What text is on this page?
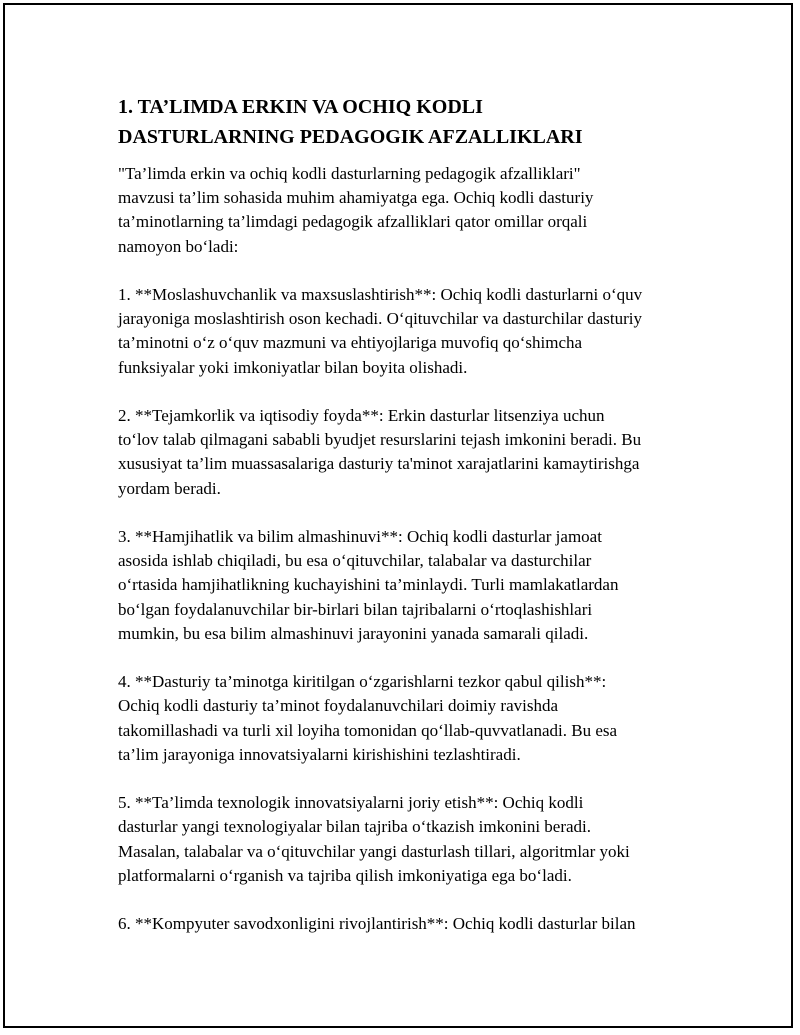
1. TA’LIMDA ERKIN VA OCHIQ KODLI
DASTURLARNING PEDAGOGIK AFZALLIKLARI

"Ta’limda erkin va ochiq kodli dasturlarning pedagogik afzalliklari"
mavzusi ta’lim sohasida muhim ahamiyatga ega. Ochiq kodli dasturiy
ta’minotlarning ta’limdagi pedagogik afzalliklari qator omillar orqali
namoyon boʻladi:

1. **Moslashuvchanlik va maxsuslashtirish**: Ochiq kodli dasturlarni oʻquv
jarayoniga moslashtirish oson kechadi. Oʻqituvchilar va dasturchilar dasturiy
ta’minotni oʻz oʻquv mazmuni va ehtiyojlariga muvofiq qoʻshimcha
funksiyalar yoki imkoniyatlar bilan boyita olishadi.

2. **Tejamkorlik va iqtisodiy foyda**: Erkin dasturlar litsenziya uchun
toʻlov talab qilmagani sababli byudjet resurslarini tejash imkonini beradi. Bu
xususiyat ta’lim muassasalariga dasturiy ta'minot xarajatlarini kamaytirishga
yordam beradi.

3. **Hamjihatlik va bilim almashinuvi**: Ochiq kodli dasturlar jamoat
asosida ishlab chiqiladi, bu esa oʻqituvchilar, talabalar va dasturchilar
oʻrtasida hamjihatlikning kuchayishini ta’minlaydi. Turli mamlakatlardan
boʻlgan foydalanuvchilar bir-birlari bilan tajribalarni oʻrtoqlashishlari
mumkin, bu esa bilim almashinuvi jarayonini yanada samarali qiladi.

4. **Dasturiy ta’minotga kiritilgan oʻzgarishlarni tezkor qabul qilish**:
Ochiq kodli dasturiy ta’minot foydalanuvchilari doimiy ravishda
takomillashadi va turli xil loyiha tomonidan qoʻllab-quvvatlanadi. Bu esa
ta’lim jarayoniga innovatsiyalarni kirishishini tezlashtiradi.

5. **Ta’limda texnologik innovatsiyalarni joriy etish**: Ochiq kodli
dasturlar yangi texnologiyalar bilan tajriba oʻtkazish imkonini beradi.
Masalan, talabalar va oʻqituvchilar yangi dasturlash tillari, algoritmlar yoki
platformalarni oʻrganish va tajriba qilish imkoniyatiga ega boʻladi.

6. **Kompyuter savodxonligini rivojlantirish**: Ochiq kodli dasturlar bilan
